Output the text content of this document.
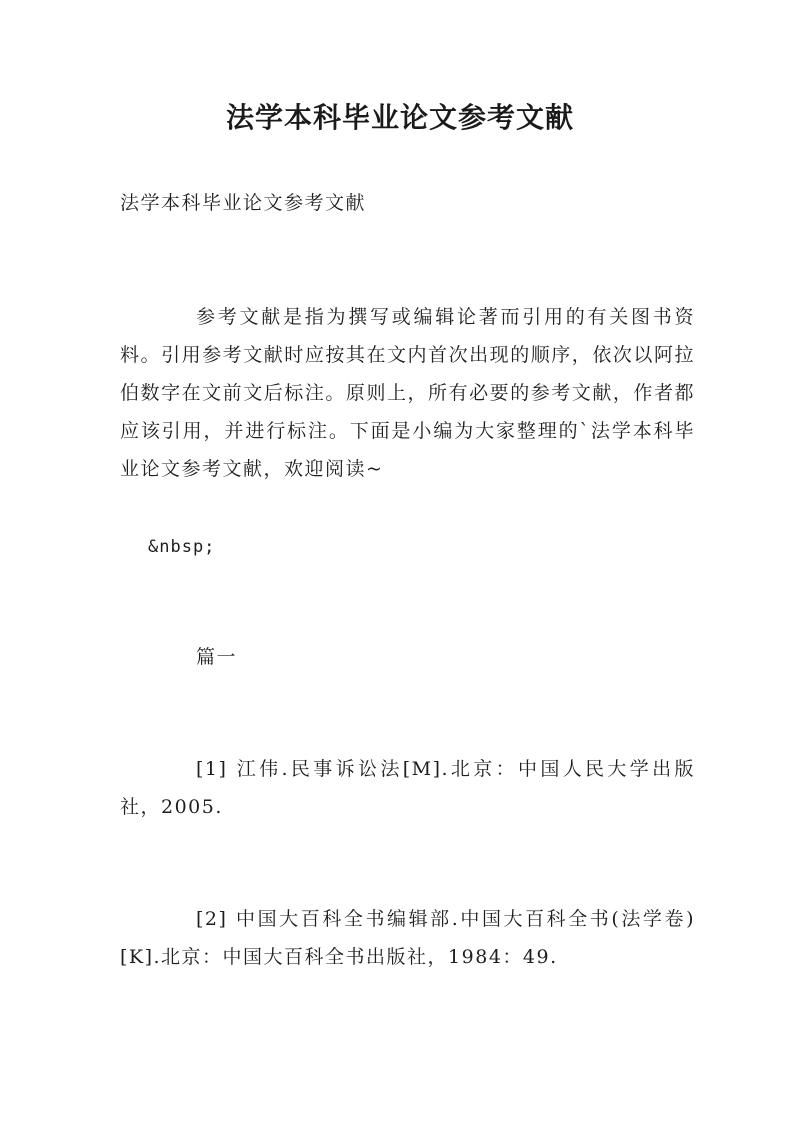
法学本科毕业论文参考文献

法学本科毕业论文参考文献

参考文献是指为撰写或编辑论著而引用的有关图书资料。引用参考文献时应按其在文内首次出现的顺序，依次以阿拉伯数字在文前文后标注。原则上，所有必要的参考文献，作者都应该引用，并进行标注。下面是小编为大家整理的`法学本科毕业论文参考文献，欢迎阅读~

&nbsp;

篇一

[1] 江伟.民事诉讼法[M].北京：中国人民大学出版社，2005.

[2] 中国大百科全书编辑部.中国大百科全书(法学卷)[K].北京：中国大百科全书出版社，1984：49.
